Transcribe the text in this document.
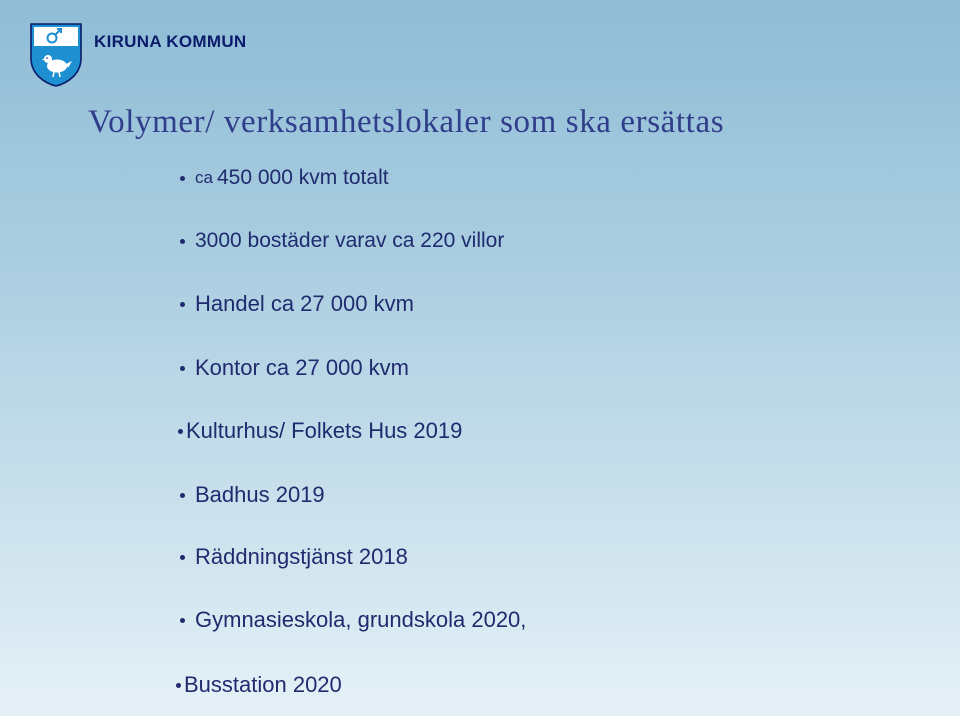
KIRUNA KOMMUN
Volymer/ verksamhetslokaler som ska ersättas
ca 450 000 kvm totalt
3000 bostäder varav ca 220 villor
Handel ca 27 000 kvm
Kontor ca 27 000 kvm
Kulturhus/ Folkets Hus 2019
Badhus 2019
Räddningstjänst 2018
Gymnasieskola, grundskola 2020,
Busstation 2020
